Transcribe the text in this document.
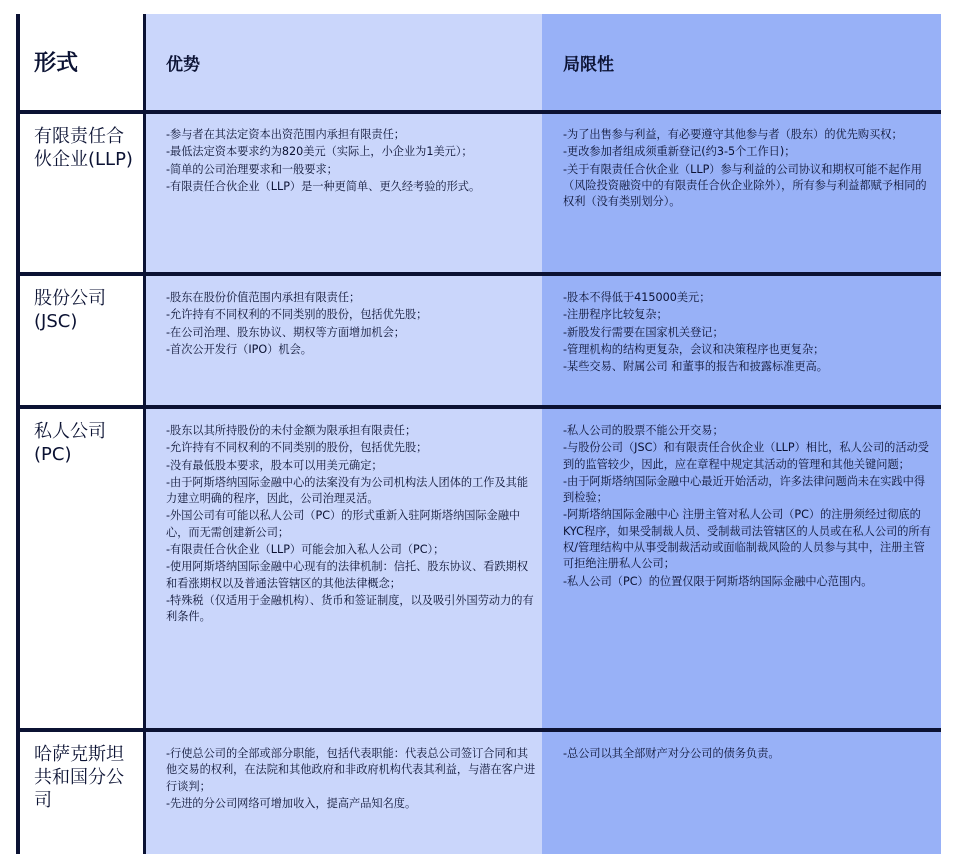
形式	优势	局限性
有限责任合伙企业(LLP)

-参与者在其法定资本出资范围内承担有限责任；

-最低法定资本要求约为820美元（实际上，小企业为1美元）；

-简单的公司治理要求和一般要求；

-有限责任合伙企业（LLP）是一种更简单、更久经考验的形式。

-为了出售参与利益，有必要遵守其他参与者（股东）的优先购买权；

-更改参加者组成须重新登记(约3-5个工作日)；

-关于有限责任合伙企业（LLP）参与利益的公司协议和期权可能不起作用（风险投资融资中的有限责任合伙企业除外），所有参与利益都赋予相同的权利（没有类别划分）。

股份公司(JSC)

-股东在股份价值范围内承担有限责任；

-允许持有不同权利的不同类别的股份，包括优先股；

-在公司治理、股东协议、期权等方面增加机会；

-首次公开发行（IPO）机会。

-股本不得低于415000美元；

-注册程序比较复杂；

-新股发行需要在国家机关登记；

-管理机构的结构更复杂，会议和决策程序也更复杂；

-某些交易、附属公司 和董事的报告和披露标准更高。

私人公司(PC)

-股东以其所持股份的未付金额为限承担有限责任；

-允许持有不同权利的不同类别的股份，包括优先股；

-没有最低股本要求，股本可以用美元确定；

-由于阿斯塔纳国际金融中心的法案没有为公司机构法人团体的工作及其能力建立明确的程序，因此，公司治理灵活。

-外国公司有可能以私人公司（PC）的形式重新入驻阿斯塔纳国际金融中心，而无需创建新公司；

-有限责任合伙企业（LLP）可能会加入私人公司（PC）；

-使用阿斯塔纳国际金融中心现有的法律机制：信托、股东协议、看跌期权和看涨期权以及普通法管辖区的其他法律概念；

-特殊税（仅适用于金融机构）、货币和签证制度，以及吸引外国劳动力的有利条件。

-私人公司的股票不能公开交易；

-与股份公司（JSC）和有限责任合伙企业（LLP）相比，私人公司的活动受到的监管较少，因此，应在章程中规定其活动的管理和其他关键问题；

-由于阿斯塔纳国际金融中心最近开始活动，许多法律问题尚未在实践中得到检验；

-阿斯塔纳国际金融中心 注册主管对私人公司（PC）的注册须经过彻底的KYC程序，如果受制裁人员、受制裁司法管辖区的人员或在私人公司的所有权/管理结构中从事受制裁活动或面临制裁风险的人员参与其中，注册主管可拒绝注册私人公司；

-私人公司（PC）的位置仅限于阿斯塔纳国际金融中心范围内。

哈萨克斯坦共和国分公司

-行使总公司的全部或部分职能，包括代表职能：代表总公司签订合同和其他交易的权利，在法院和其他政府和非政府机构代表其利益，与潜在客户进行谈判；

-先进的分公司网络可增加收入，提高产品知名度。

-总公司以其全部财产对分公司的债务负责。
